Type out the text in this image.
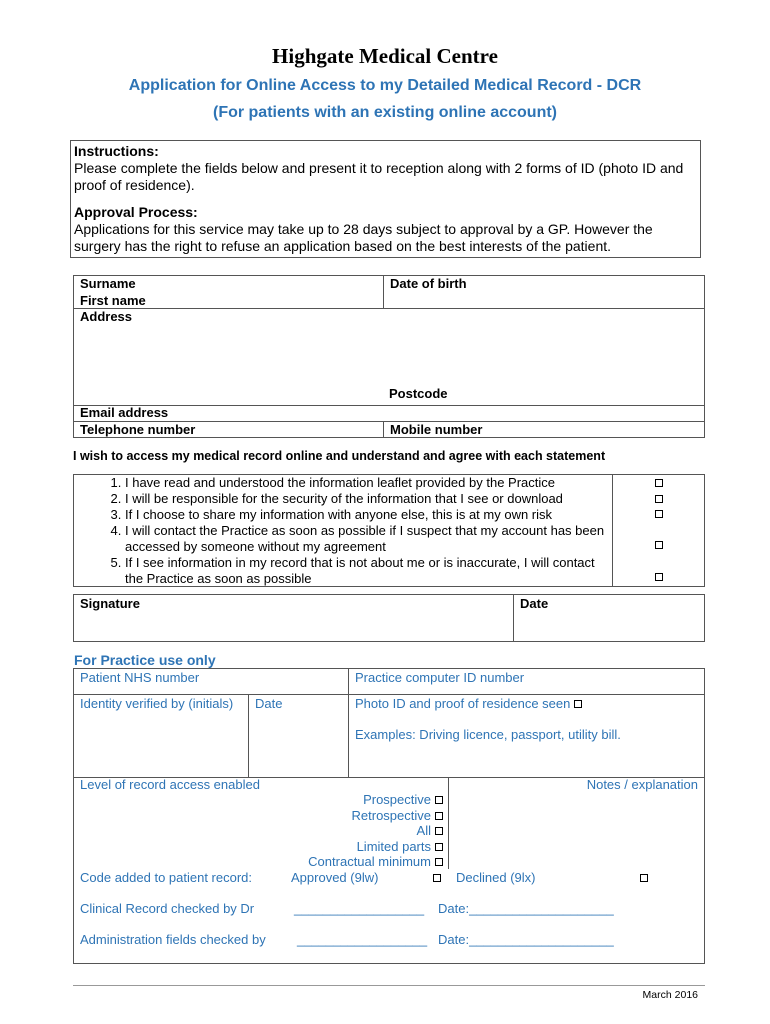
Highgate Medical Centre
Application for Online Access to my Detailed Medical Record - DCR
(For patients with an existing online account)
Instructions:
Please complete the fields below and present it to reception along with 2 forms of ID (photo ID and proof of residence).
Approval Process:
Applications for this service may take up to 28 days subject to approval by a GP. However the surgery has the right to refuse an application based on the best interests of the patient.
Surname	Date of birth
First name
Address
Postcode
Email address
Telephone number	Mobile number
I wish to access my medical record online and understand and agree with each statement
1. I have read and understood the information leaflet provided by the Practice
2. I will be responsible for the security of the information that I see or download
3. If I choose to share my information with anyone else, this is at my own risk
4. I will contact the Practice as soon as possible if I suspect that my account has been accessed by someone without my agreement
5. If I see information in my record that is not about me or is inaccurate, I will contact the Practice as soon as possible
Signature	Date
For Practice use only
Patient NHS number	Practice computer ID number
Identity verified by (initials)	Date	Photo ID and proof of residence seen
Examples: Driving licence, passport, utility bill.
Level of record access enabled	Notes / explanation
Prospective
Retrospective
All
Limited parts
Contractual minimum
Code added to patient record:	Approved (9lw)	Declined (9lx)
Clinical Record checked by Dr	__________________ Date:____________________
Administration fields checked by __________________ Date:____________________
March 2016
